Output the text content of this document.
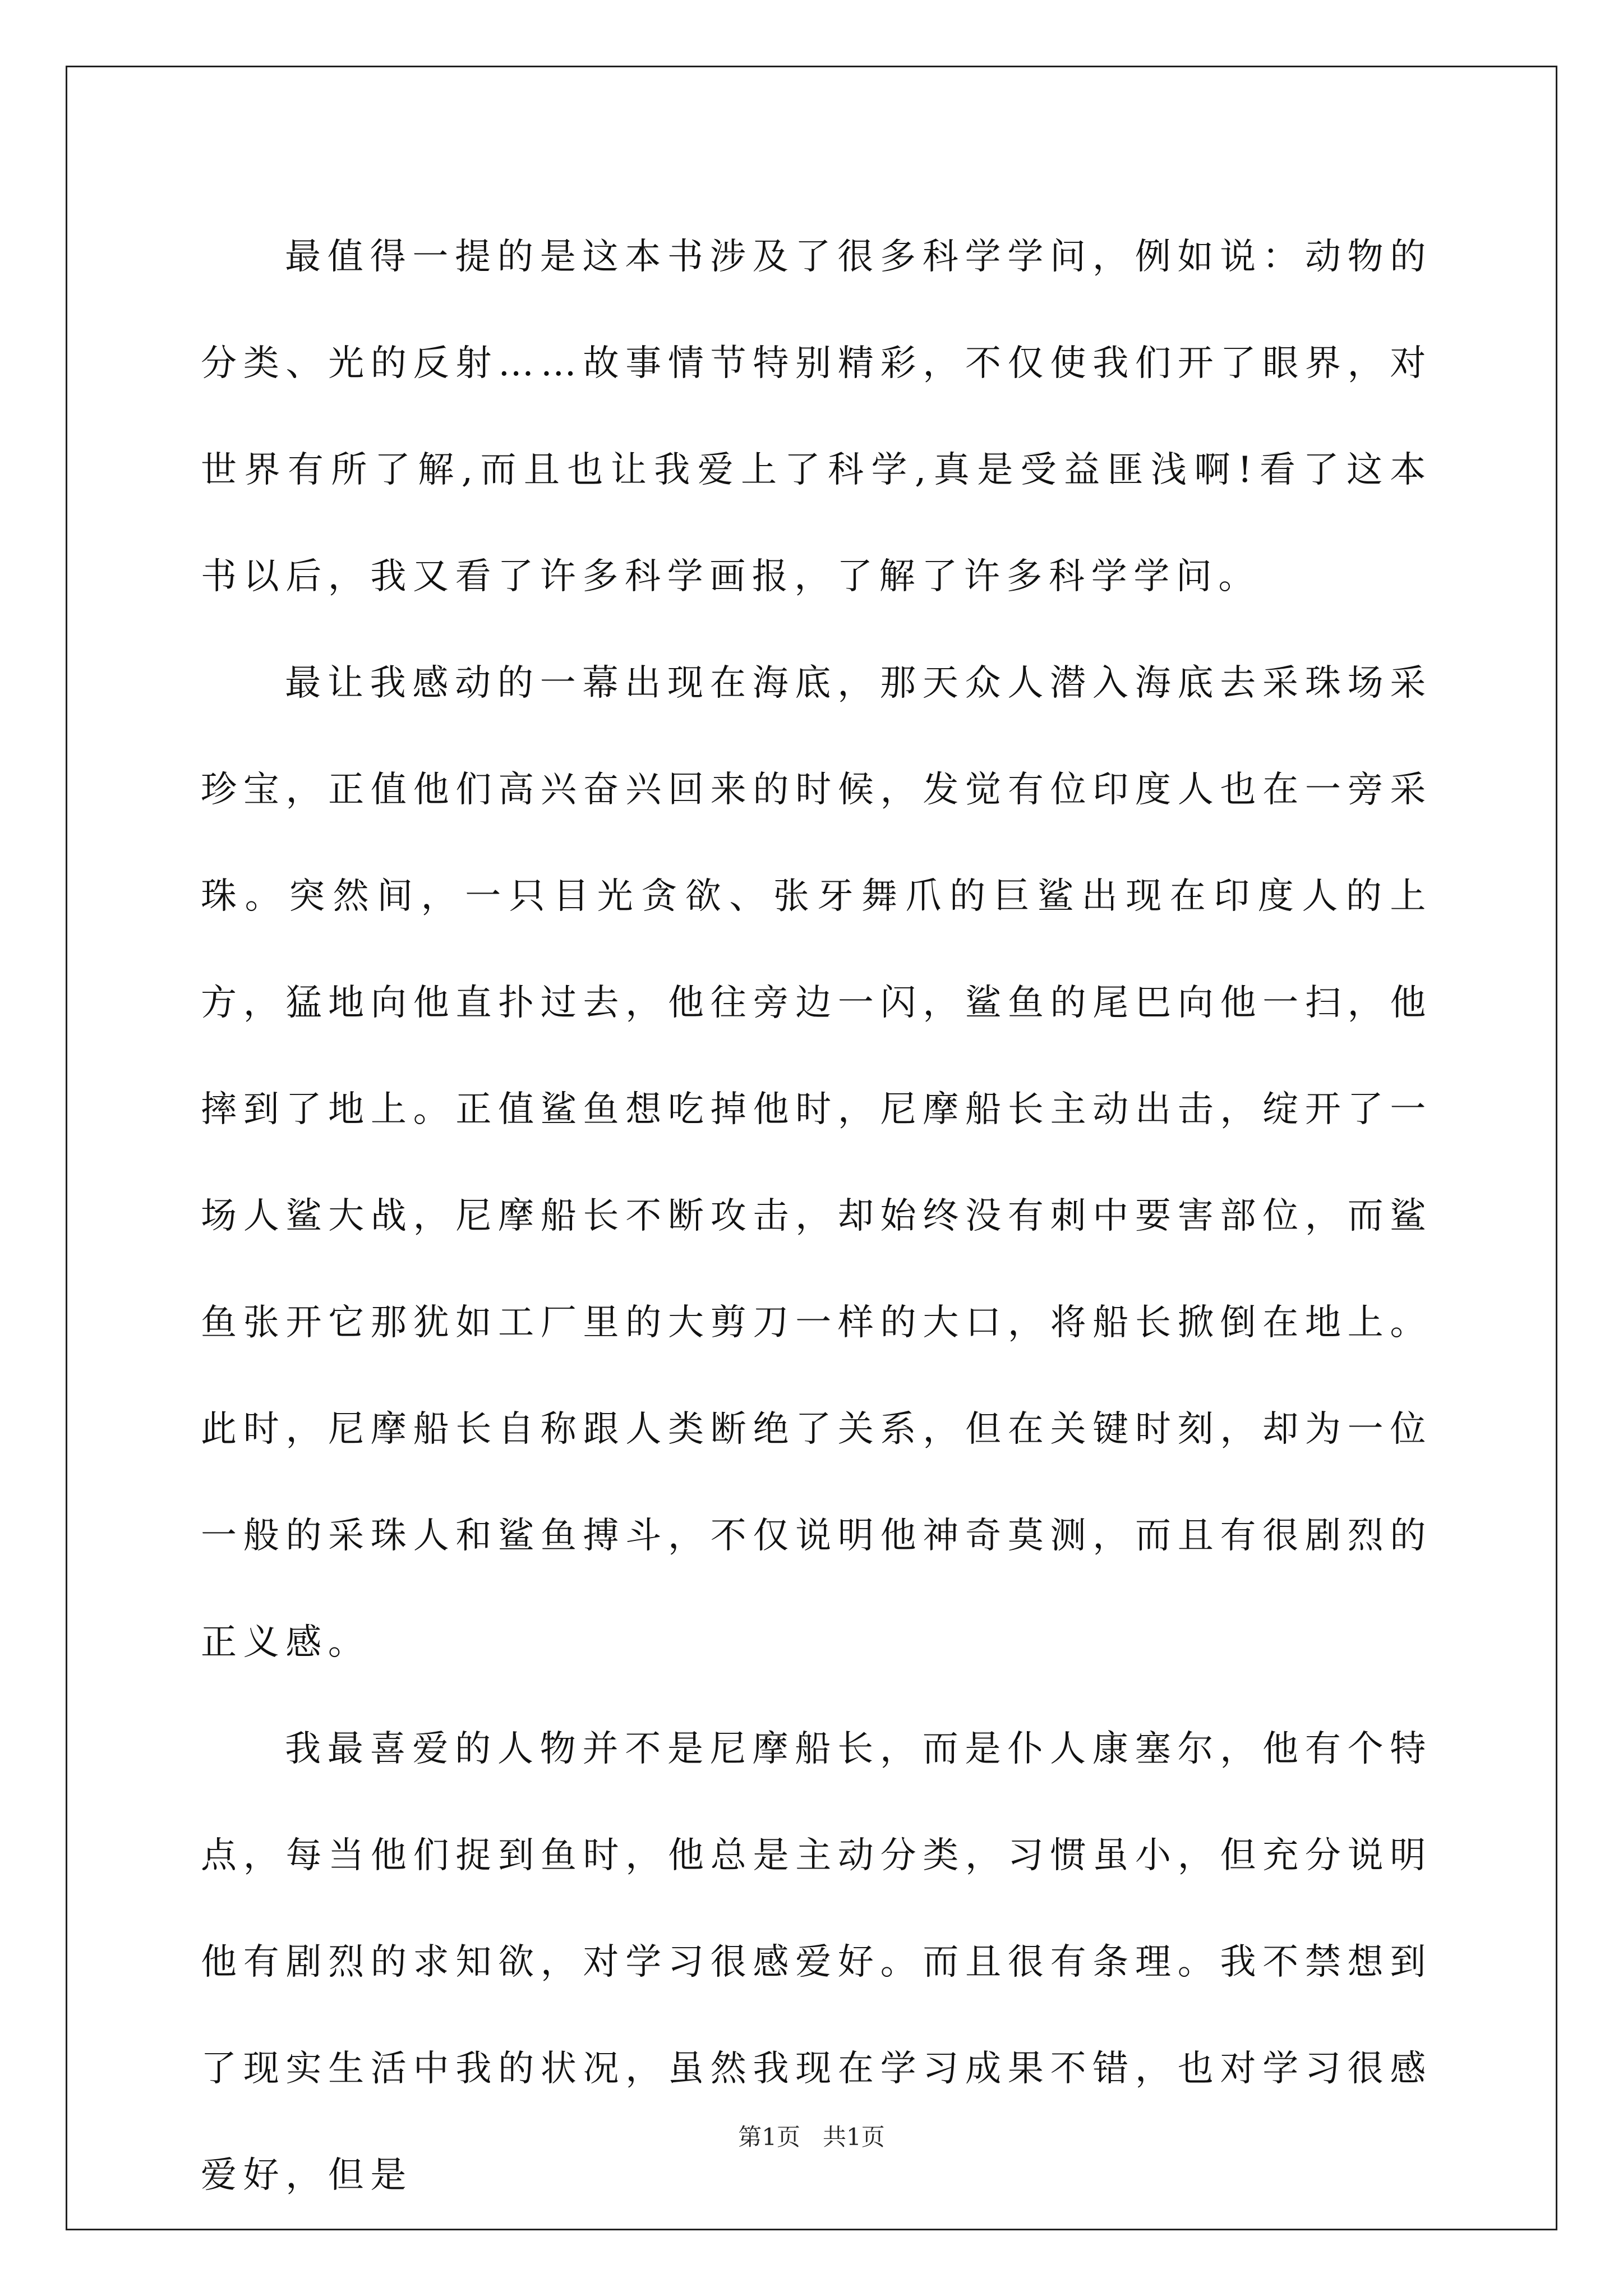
最值得一提的是这本书涉及了很多科学学问，例如说：动物的分类、光的反射……故事情节特别精彩，不仅使我们开了眼界，对世界有所了解,而且也让我爱上了科学,真是受益匪浅啊!看了这本书以后，我又看了许多科学画报，了解了许多科学学问。

最让我感动的一幕出现在海底，那天众人潜入海底去采珠场采珍宝，正值他们高兴奋兴回来的时候，发觉有位印度人也在一旁采珠。突然间，一只目光贪欲、张牙舞爪的巨鲨出现在印度人的上方，猛地向他直扑过去，他往旁边一闪，鲨鱼的尾巴向他一扫，他摔到了地上。正值鲨鱼想吃掉他时，尼摩船长主动出击，绽开了一场人鲨大战，尼摩船长不断攻击，却始终没有刺中要害部位，而鲨鱼张开它那犹如工厂里的大剪刀一样的大口，将船长掀倒在地上。此时，尼摩船长自称跟人类断绝了关系，但在关键时刻，却为一位一般的采珠人和鲨鱼搏斗，不仅说明他神奇莫测，而且有很剧烈的正义感。

我最喜爱的人物并不是尼摩船长，而是仆人康塞尔，他有个特点，每当他们捉到鱼时，他总是主动分类，习惯虽小，但充分说明他有剧烈的求知欲，对学习很感爱好。而且很有条理。我不禁想到了现实生活中我的状况，虽然我现在学习成果不错，也对学习很感爱好，但是

第1页 共1页
